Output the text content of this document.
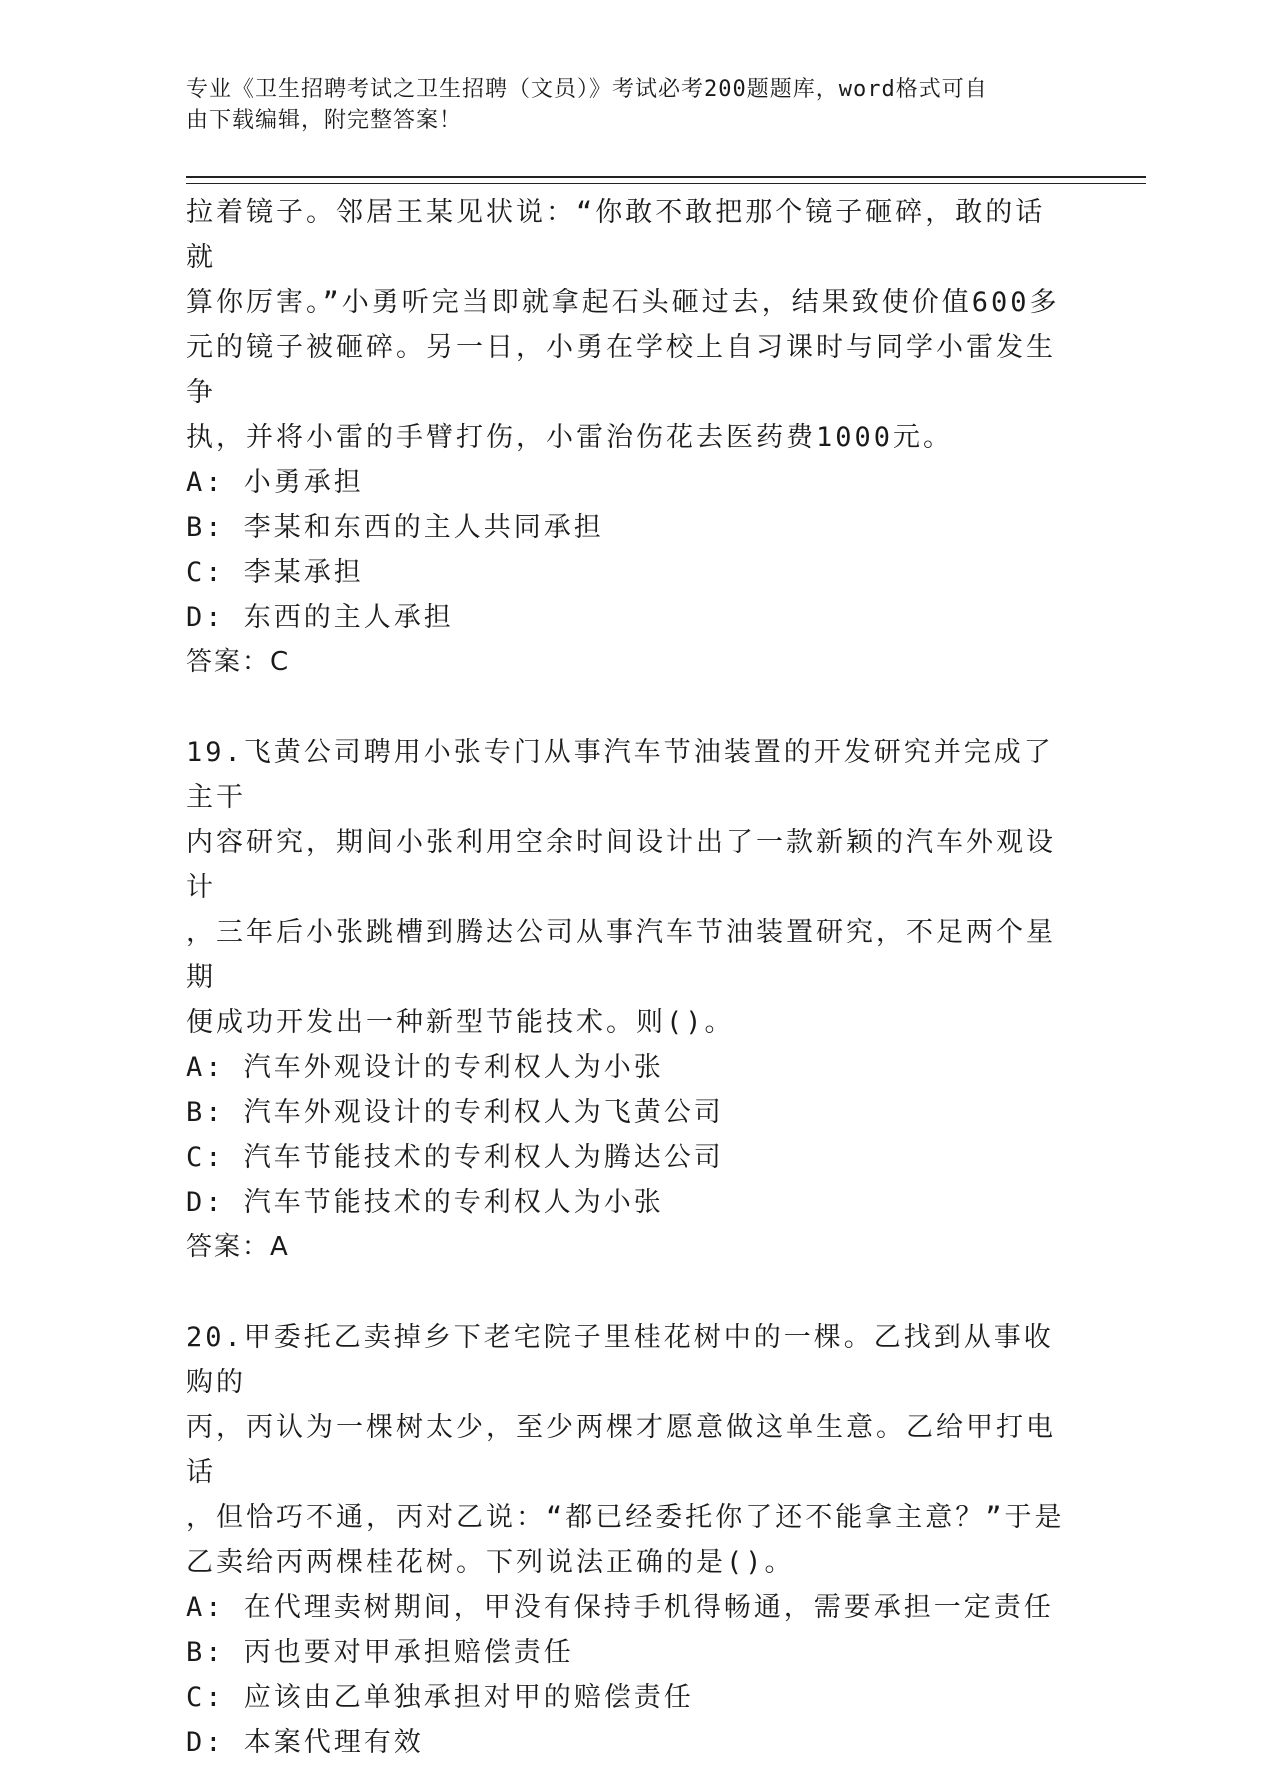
专业《卫生招聘考试之卫生招聘（文员）》考试必考200题题库，word格式可自
由下载编辑，附完整答案！
拉着镜子。邻居王某见状说：“你敢不敢把那个镜子砸碎，敢的话就
算你厉害。”小勇听完当即就拿起石头砸过去，结果致使价值600多
元的镜子被砸碎。另一日，小勇在学校上自习课时与同学小雷发生争
执，并将小雷的手臂打伤，小雷治伤花去医药费1000元。
A: 小勇承担
B: 李某和东西的主人共同承担
C: 李某承担
D: 东西的主人承担
答案：C
19.飞黄公司聘用小张专门从事汽车节油装置的开发研究并完成了主干
内容研究，期间小张利用空余时间设计出了一款新颖的汽车外观设计
，三年后小张跳槽到腾达公司从事汽车节油装置研究，不足两个星期
便成功开发出一种新型节能技术。则()。
A: 汽车外观设计的专利权人为小张
B: 汽车外观设计的专利权人为飞黄公司
C: 汽车节能技术的专利权人为腾达公司
D: 汽车节能技术的专利权人为小张
答案：A
20.甲委托乙卖掉乡下老宅院子里桂花树中的一棵。乙找到从事收购的
丙，丙认为一棵树太少，至少两棵才愿意做这单生意。乙给甲打电话
，但恰巧不通，丙对乙说：“都已经委托你了还不能拿主意？”于是
乙卖给丙两棵桂花树。下列说法正确的是()。
A: 在代理卖树期间，甲没有保持手机得畅通，需要承担一定责任
B: 丙也要对甲承担赔偿责任
C: 应该由乙单独承担对甲的赔偿责任
D: 本案代理有效
